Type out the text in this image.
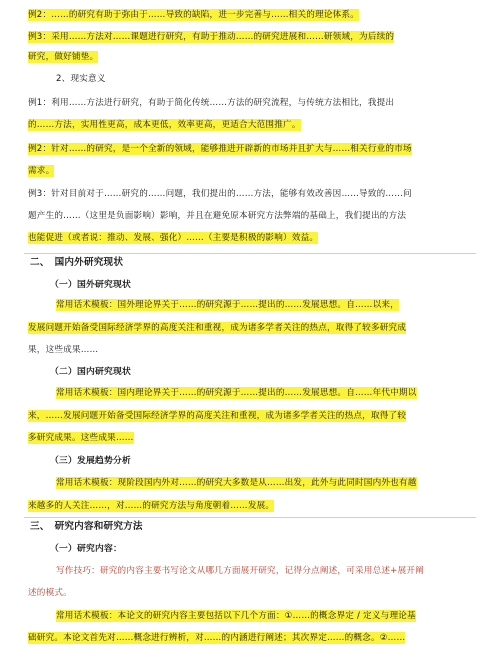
例2：……的研究有助于弥由于……导致的缺陷，进一步完善与……相关的理论体系。
例3：采用……方法对……课题进行研究，有助于推动……的研究进展和……研领域，为后续的
研究，做好铺垫。
2、现实意义
例1：利用……方法进行研究，有助于简化传统……方法的研究流程，与传统方法相比，我提出
的……方法，实用性更高，成本更低，效率更高，更适合大范围推广。
例2：针对……的研究，是一个全新的领域，能够推进开辟新的市场并且扩大与……相关行业的市场
需求。
例3：针对目前对于……研究的……问题，我们提出的……方法，能够有效改善因……导致的……问
题产生的……（这里是负面影响）影响，并且在避免原本研究方法弊端的基础上，我们提出的方法
也能促进（或者说：推动、发展、强化）……（主要是积极的影响）效益。
二、　国内外研究现状
（一）国外研究现状
常用话术模板：国外理论界关于……的研究源于……提出的……发展思想。自……以来，
发展问题开始备受国际经济学界的高度关注和重视，成为诸多学者关注的热点，取得了较多研究成
果，这些成果……
（二）国内研究现状
常用话术模板：国内理论界关于……的研究源于……提出的……发展思想。自……年代中期以
来，……发展问题开始备受国际经济学界的高度关注和重视，成为诸多学者关注的热点，取得了较
多研究成果。这些成果……
（三）发展趋势分析
常用话术模板：现阶段国内外对……的研究大多数是从……出发，此外与此同时国内外也有越
来越多的人关注……，对……的研究方法与角度朝着……发展。
三、　研究内容和研究方法
（一）研究内容：
写作技巧：研究的内容主要书写论文从哪几方面展开研究，记得分点阐述，可采用总述+展开阐
述的模式。
常用话术模板：本论文的研究内容主要包括以下几个方面：①……的概念界定 / 定义与理论基
础研究。本论文首先对……概念进行辨析，对……的内涵进行阐述；其次界定……的概念。②……
